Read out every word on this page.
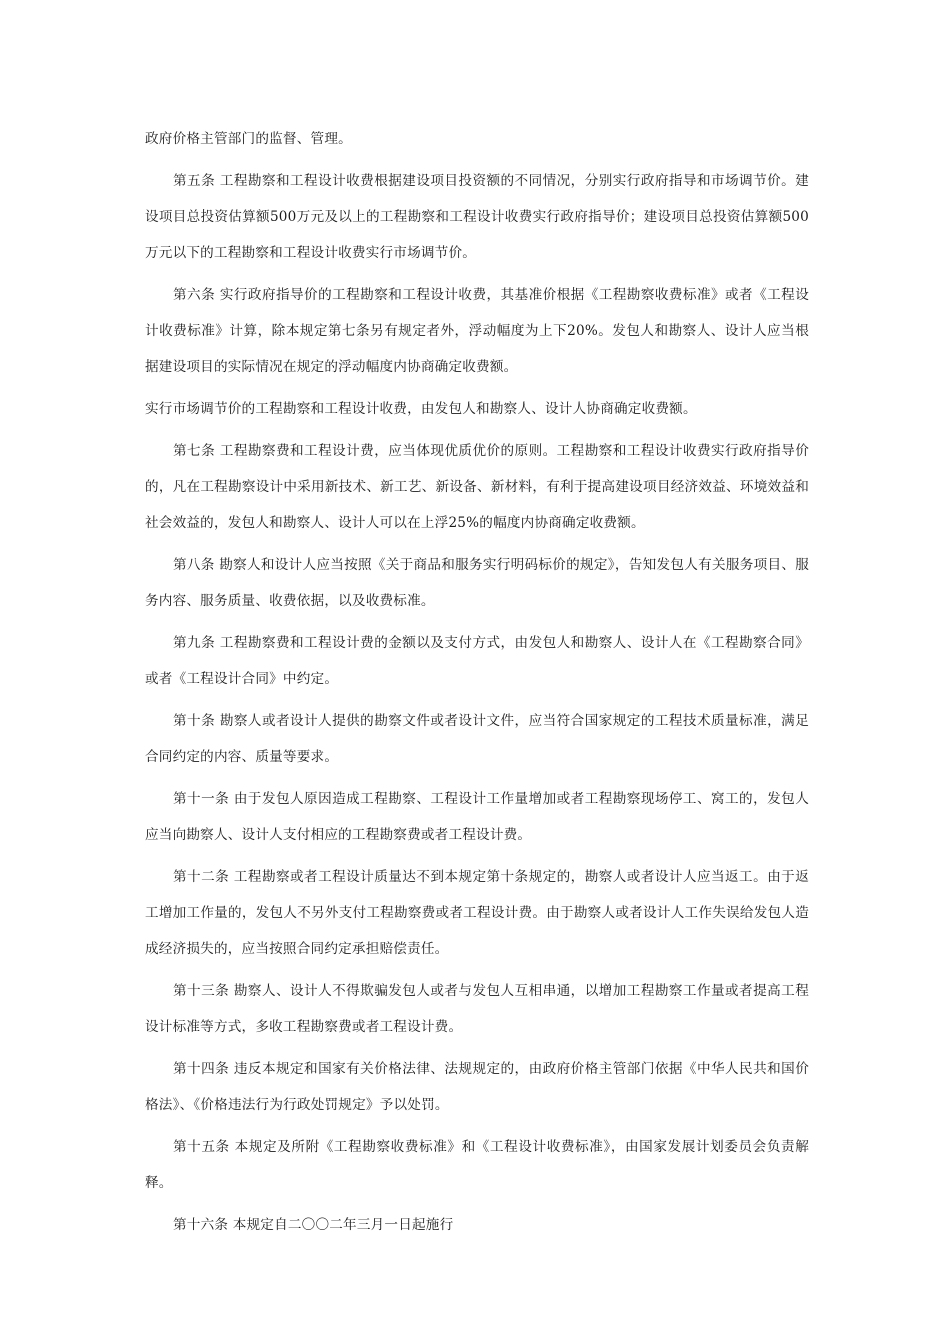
政府价格主管部门的监督、管理。

第五条 工程勘察和工程设计收费根据建设项目投资额的不同情况，分别实行政府指导和市场调节价。建设项目总投资估算额500万元及以上的工程勘察和工程设计收费实行政府指导价；建设项目总投资估算额500万元以下的工程勘察和工程设计收费实行市场调节价。

第六条 实行政府指导价的工程勘察和工程设计收费，其基准价根据《工程勘察收费标准》或者《工程设计收费标准》计算，除本规定第七条另有规定者外，浮动幅度为上下20%。发包人和勘察人、设计人应当根据建设项目的实际情况在规定的浮动幅度内协商确定收费额。

实行市场调节价的工程勘察和工程设计收费，由发包人和勘察人、设计人协商确定收费额。

第七条 工程勘察费和工程设计费，应当体现优质优价的原则。工程勘察和工程设计收费实行政府指导价的，凡在工程勘察设计中采用新技术、新工艺、新设备、新材料，有利于提高建设项目经济效益、环境效益和社会效益的，发包人和勘察人、设计人可以在上浮25%的幅度内协商确定收费额。

第八条 勘察人和设计人应当按照《关于商品和服务实行明码标价的规定》，告知发包人有关服务项目、服务内容、服务质量、收费依据，以及收费标准。

第九条 工程勘察费和工程设计费的金额以及支付方式，由发包人和勘察人、设计人在《工程勘察合同》或者《工程设计合同》中约定。

第十条 勘察人或者设计人提供的勘察文件或者设计文件，应当符合国家规定的工程技术质量标准，满足合同约定的内容、质量等要求。

第十一条 由于发包人原因造成工程勘察、工程设计工作量增加或者工程勘察现场停工、窝工的，发包人应当向勘察人、设计人支付相应的工程勘察费或者工程设计费。

第十二条 工程勘察或者工程设计质量达不到本规定第十条规定的，勘察人或者设计人应当返工。由于返工增加工作量的，发包人不另外支付工程勘察费或者工程设计费。由于勘察人或者设计人工作失误给发包人造成经济损失的，应当按照合同约定承担赔偿责任。

第十三条 勘察人、设计人不得欺骗发包人或者与发包人互相串通，以增加工程勘察工作量或者提高工程设计标准等方式，多收工程勘察费或者工程设计费。

第十四条 违反本规定和国家有关价格法律、法规规定的，由政府价格主管部门依据《中华人民共和国价格法》、《价格违法行为行政处罚规定》予以处罚。

第十五条 本规定及所附《工程勘察收费标准》和《工程设计收费标准》，由国家发展计划委员会负责解释。

第十六条 本规定自二〇〇二年三月一日起施行
